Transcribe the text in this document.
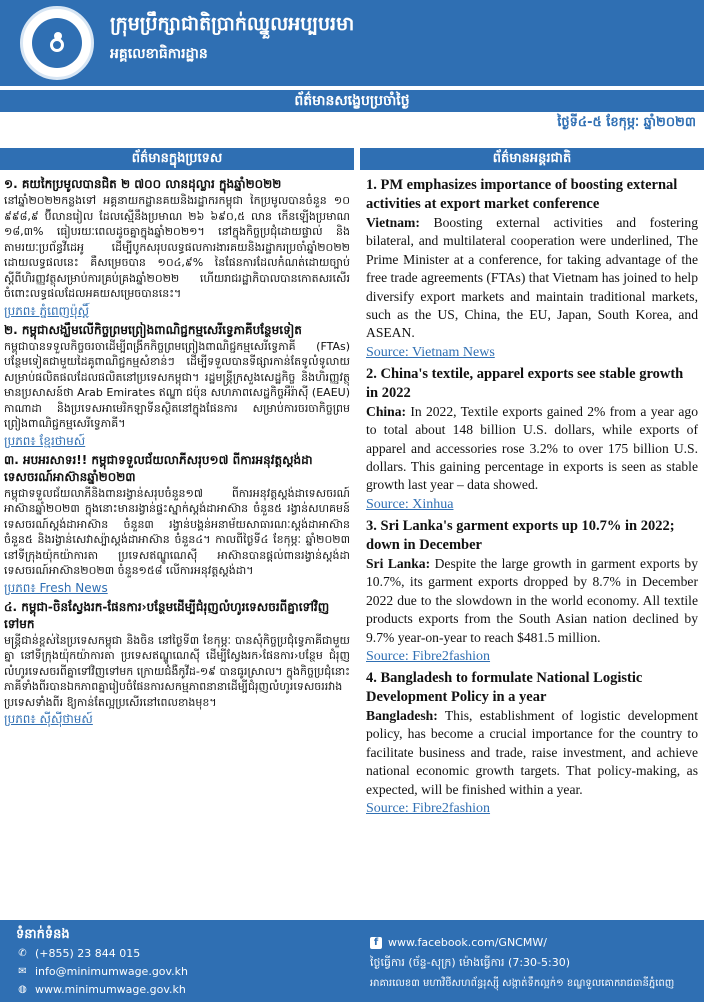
ក្រុមប្រឹក្សាជាតិប្រាក់ឈ្នួលអប្បបរមា
អគ្គលេខាធិការដ្ឋាន
ព័ត៌មានសង្ខេបប្រចាំថ្ងៃ
ថ្ងៃទី៤-៥ ខែកុម្ភៈ ឆ្នាំ២០២៣
ព័ត៌មានក្នុងប្រទេស
១. គយកៃប្រមូលបានជិត ២ ៧០០ លានដុល្លារ ក្នុងឆ្នាំ២០២២
នៅឆ្នាំ២០២២កន្លងទៅ អគ្គនាយកដ្ឋានគយនិងរដ្ឋាករកម្ពុជា កៃប្រមូលបានចំនួន ១០ ៩៩៨,៩ ប៊ីលានរៀល ដែលស្មើនឹងប្រមាណ ២៦ ៦៩០,៥ លាន កើនឡើងប្រមាណ ១៨,៣% ធៀបរយៈពេលដូចគ្នាក្នុងឆ្នាំ២០២១។ នៅក្នុងកិច្ចប្រជុំដោយផ្ទាល់ និងតាមរយៈប្រព័ន្ធវីដេអូ ដើម្បីបូកសរុបលទ្ធផលការងារគយនិងរដ្ឋាករប្រចាំឆ្នាំ២០២២ ដោយលទ្ធផលនេះ គឺសម្រេចបាន ១០៤,៩% នៃផែនការដែលកំណត់ដោយច្បាប់ស្ដីពីហិរញ្ញវត្ថុសម្រាប់ការគ្រប់គ្រងឆ្នាំ២០២២ ហើយរាជរដ្ឋាភិបាលបានកោតសរសើរចំពោះលទ្ធផលដែលអគយសម្រេចបាននេះ។
ប្រភព៖ ភ្នំពេញប៉ុស្តិ៍
២. កម្ពុជាសង្ឃឹមលើកិច្ចព្រមព្រៀងពាណិជ្ជកម្មសេរីទ្វេភាគីបន្ថែមទៀត
កម្ពុជាបានទទួលកិច្ចចរចាដើម្បីពង្រីកកិច្ចព្រមព្រៀងពាណិជ្ជកម្មសេរីទ្វេភាគី (FTAs) បន្ថែមទៀតជាមួយដៃគូពាណិជ្ជកម្មសំខាន់ៗ ដើម្បីទទួលបានទីផ្សារកាន់តែទូលំទូលាយ សម្រាប់ផលិតផលដែលផលិតនៅប្រទេសកម្ពុជា។ រដ្ឋមន្ត្រីក្រសួងសេដ្ឋកិច្ច និងហិរញ្ញវត្ថុ មានប្រសាសន៍ថា Arab Emirates ឥណ្ឌា ជប៉ុន សហភាពសេដ្ឋកិច្ចអឺរ៉ាស៊ី (EAEU) កាណាដា និងប្រទេសអាមេរិកឡាទីនស្ថិតនៅក្នុងផែនការ សម្រាប់ការចរចាកិច្ចព្រមព្រៀងពាណិជ្ជកម្មសេរីទ្វេភាគី។
ប្រភព៖ ខ្មែរថាមស៍
៣. អបអរសាទរ!! កម្ពុជាទទួលជ័យលាភីសរុប១៧ ពីការអនុវត្តស្តង់ដាទេសចរណ៍អាស៊ានឆ្នាំ២០២៣
កម្ពុជាទទួលជ័យលាភីនិងពានរង្វាន់សរុបចំនួន១៧ ពីការអនុវត្តស្តង់ដាទេសចរណ៍អាស៊ានឆ្នាំ២០២៣ ក្នុងនោះមានរង្វាន់ផ្ទះស្នាក់ស្តង់ដាអាស៊ាន ចំនួន៥ រង្វាន់សហគមន៍ទេសចរណ៍ស្តង់ដាអាស៊ាន ចំនួន៣ រង្វាន់បង្គន់អនាម័យសាធារណៈស្តង់ដាអាស៊ាន ចំនួន៥ និងរង្វាន់សេវាស្ប៉ាស្តង់ដាអាស៊ាន ចំនួន៤។ កាលពីថ្ងៃទី៤ ខែកុម្ភៈ ឆ្នាំ២០២៣ នៅទីក្រុងយ៉ុកយ៉ាការតា ប្រទេសឥណ្ឌូណេស៊ី អាស៊ានបានផ្តល់ពានរង្វាន់ស្តង់ដាទេសចរណ៍អាស៊ាន២០២៣ ចំនួន១៥៨ លើការអនុវត្តស្តង់ដា។
ប្រភព៖ Fresh News
៤. កម្ពុជា-ចិនស្វែងរក-ផែនការ›បន្ថែមដើម្បីជំរុញលំហូរទេសចរពីគ្នាទៅវិញទៅមក
មន្ត្រីជាន់ខ្ពស់នៃប្រទេសកម្ពុជា និងចិន នៅថ្ងៃទី៣ ខែកុម្ភៈ បានសុំកិច្ចប្រជុំទ្វេភាគីជាមួយគ្នា នៅទីក្រុងយ៉ុកយ៉ាការតា ប្រទេសឥណ្ឌូណេស៊ី ដើម្បីស្វែងរក›ផែនការ›បន្ថែម ជំរុញលំហូរទេសចរពីគ្នាទៅវិញទៅមក ក្រោយជំងឺកូវីដ-១៩ បានធូរស្រាល។ ក្នុងកិច្ចប្រជុំនោះ ភាគីទាំងពីរបានឯកភាពគ្នារៀបចំផែនការសកម្មភាពនានាដើម្បីជំរុញលំហូរទេសចររវាងប្រទេសទាំងពីរ ឱ្យកាន់តែល្អប្រសើរនៅពេលខាងមុខ។
ប្រភព៖ ស៊ីស៊ីថាមស៍
ព័ត៌មានអន្តរជាតិ
1. PM emphasizes importance of boosting external activities at export market conference
Vietnam: Boosting external activities and fostering bilateral, and multilateral cooperation were underlined, The Prime Minister at a conference, for taking advantage of the free trade agreements (FTAs) that Vietnam has joined to help diversify export markets and maintain traditional markets, such as the US, China, the EU, Japan, South Korea, and ASEAN.
Source: Vietnam News
2. China's textile, apparel exports see stable growth in 2022
China: In 2022, Textile exports gained 2% from a year ago to total about 148 billion U.S. dollars, while exports of apparel and accessories rose 3.2% to over 175 billion U.S. dollars. This gaining percentage in exports is seen as stable growth last year – data showed.
Source: Xinhua
3. Sri Lanka's garment exports up 10.7% in 2022; down in December
Sri Lanka: Despite the large growth in garment exports by 10.7%, its garment exports dropped by 8.7% in December 2022 due to the slowdown in the world economy. All textile products exports from the South Asian nation declined by 9.7% year-on-year to reach $481.5 million.
Source: Fibre2fashion
4. Bangladesh to formulate National Logistic Development Policy in a year
Bangladesh: This, establishment of logistic development policy, has become a crucial importance for the country to facilitate business and trade, raise investment, and achieve national economic growth targets. That policy-making, as expected, will be finished within a year.
Source: Fibre2fashion
ទំនាក់ទំនង
✆ (+855) 23 844 015
✉ info@minimumwage.gov.kh
◍ www.minimumwage.gov.kh
f www.facebook.com/GNCMW/
ថ្ងៃធ្វើការ (ច័ន្ទ-សុក្រ) ម៉ោងធ្វើការ (7:30-5:30)
អាគារលេខ៣ មហាវិថីសហព័ន្ធរុស្ស៊ី សង្កាត់ទឹកល្អក់១ ខណ្ឌទួលគោករាជធានីភ្នំពេញ
